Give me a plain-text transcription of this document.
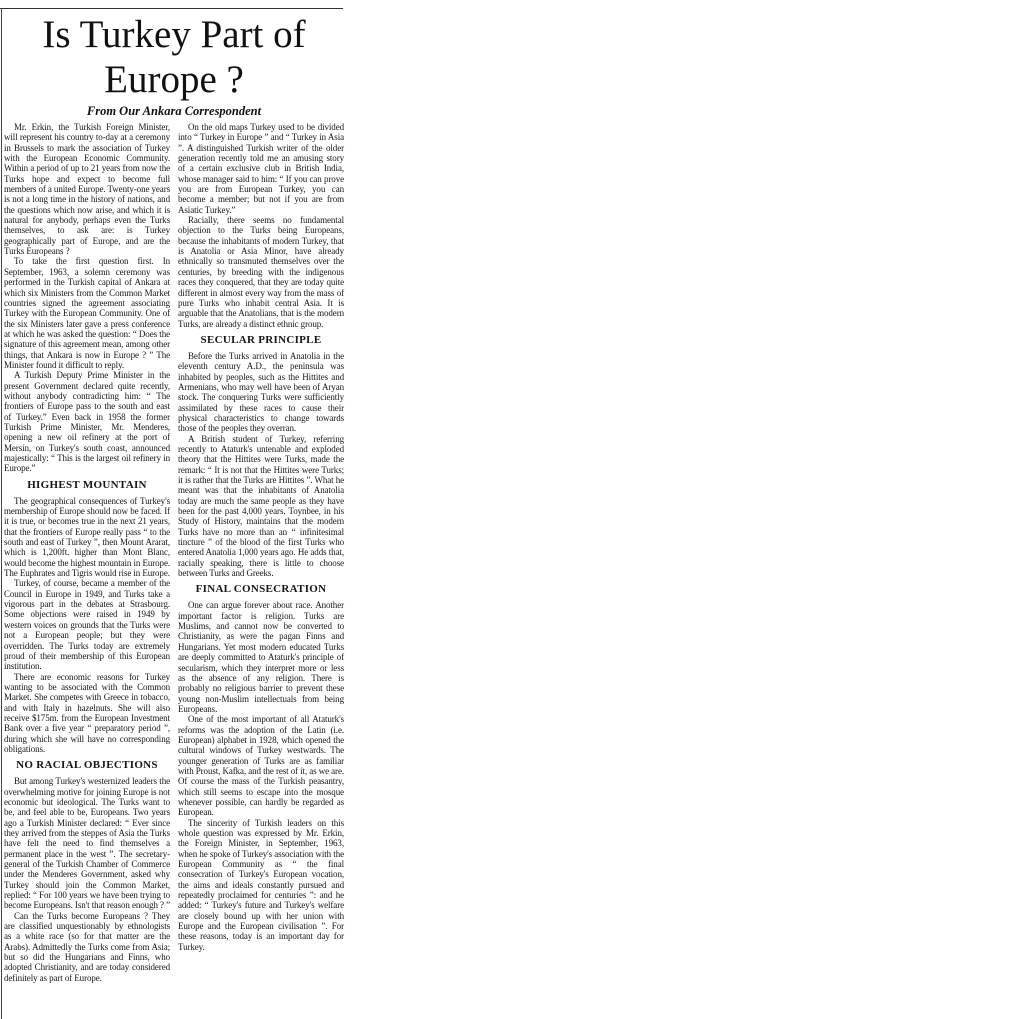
Is Turkey Part of Europe ?
From Our Ankara Correspondent

Mr. Erkin, the Turkish Foreign Minister, will represent his country to-day at a ceremony in Brussels to mark the association of Turkey with the European Economic Community. Within a period of up to 21 years from now the Turks hope and expect to become full members of a united Europe. Twenty-one years is not a long time in the history of nations, and the questions which now arise, and which it is natural for anybody, perhaps even the Turks themselves, to ask are: is Turkey geographically part of Europe, and are the Turks Europeans ?

To take the first question first. In September, 1963, a solemn ceremony was performed in the Turkish capital of Ankara at which six Ministers from the Common Market countries signed the agreement associating Turkey with the European Community. One of the six Ministers later gave a press conference at which he was asked the question: “ Does the signature of this agreement mean, among other things, that Ankara is now in Europe ? ” The Minister found it difficult to reply.

A Turkish Deputy Prime Minister in the present Government declared quite recently, without anybody contradicting him: “ The frontiers of Europe pass to the south and east of Turkey.” Even back in 1958 the former Turkish Prime Minister, Mr. Menderes, opening a new oil refinery at the port of Mersin, on Turkey's south coast, announced majestically: “ This is the largest oil refinery in Europe.”

HIGHEST MOUNTAIN

The geographical consequences of Turkey's membership of Europe should now be faced. If it is true, or becomes true in the next 21 years, that the frontiers of Europe really pass “ to the south and east of Turkey ”, then Mount Ararat, which is 1,200ft. higher than Mont Blanc, would become the highest mountain in Europe. The Euphrates and Tigris would rise in Europe.

Turkey, of course, became a member of the Council in Europe in 1949, and Turks take a vigorous part in the debates at Strasbourg. Some objections were raised in 1949 by western voices on grounds that the Turks were not a European people; but they were overridden. The Turks today are extremely proud of their membership of this European institution.

There are economic reasons for Turkey wanting to be associated with the Common Market. She competes with Greece in tobacco, and with Italy in hazelnuts. She will also receive $175m. from the European Investment Bank over a five year “ preparatory period ”, during which she will have no corresponding obligations.

NO RACIAL OBJECTIONS

But among Turkey's westernized leaders the overwhelming motive for joining Europe is not economic but ideological. The Turks want to be, and feel able to be, Europeans. Two years ago a Turkish Minister declared: “ Ever since they arrived from the steppes of Asia the Turks have felt the need to find themselves a permanent place in the west ”. The secretary-general of the Turkish Chamber of Commerce under the Menderes Government, asked why Turkey should join the Common Market, replied: “ For 100 years we have been trying to become Europeans. Isn't that reason enough ? ”

Can the Turks become Europeans ? They are classified unquestionably by ethnologists as a white race (so for that matter are the Arabs). Admittedly the Turks come from Asia; but so did the Hungarians and Finns, who adopted Christianity, and are today considered definitely as part of Europe.

On the old maps Turkey used to be divided into “ Turkey in Europe ” and “ Turkey in Asia ”. A distinguished Turkish writer of the older generation recently told me an amusing story of a certain exclusive club in British India, whose manager said to him: “ If you can prove you are from European Turkey, you can become a member; but not if you are from Asiatic Turkey.”

Racially, there seems no fundamental objection to the Turks being Europeans, because the inhabitants of modern Turkey, that is Anatolia or Asia Minor, have already ethnically so transmuted themselves over the centuries, by breeding with the indigenous races they conquered, that they are today quite different in almost every way from the mass of pure Turks who inhabit central Asia. It is arguable that the Anatolians, that is the modern Turks, are already a distinct ethnic group.

SECULAR PRINCIPLE

Before the Turks arrived in Anatolia in the eleventh century A.D., the peninsula was inhabited by peoples, such as the Hittites and Armenians, who may well have been of Aryan stock. The conquering Turks were sufficiently assimilated by these races to cause their physical characteristics to change towards those of the peoples they overran.

A British student of Turkey, referring recently to Ataturk's untenable and exploded theory that the Hittites were Turks, made the remark: “ It is not that the Hittites were Turks; it is rather that the Turks are Hittites ”. What he meant was that the inhabitants of Anatolia today are much the same people as they have been for the past 4,000 years. Toynbee, in his Study of History, maintains that the modern Turks have no more than an “ infinitesimal tincture ” of the blood of the first Turks who entered Anatolia 1,000 years ago. He adds that, racially speaking, there is little to choose between Turks and Greeks.

FINAL CONSECRATION

One can argue forever about race. Another important factor is religion. Turks are Muslims, and cannot now be converted to Christianity, as were the pagan Finns and Hungarians. Yet most modern educated Turks are deeply committed to Ataturk's principle of secularism, which they interpret more or less as the absence of any religion. There is probably no religious barrier to prevent these young non-Muslim intellectuals from being Europeans.

One of the most important of all Ataturk's reforms was the adoption of the Latin (i.e. European) alphabet in 1928, which opened the cultural windows of Turkey westwards. The younger generation of Turks are as familiar with Proust, Kafka, and the rest of it, as we are. Of course the mass of the Turkish peasantry, which still seems to escape into the mosque whenever possible, can hardly be regarded as European.

The sincerity of Turkish leaders on this whole question was expressed by Mr. Erkin, the Foreign Minister, in September, 1963, when he spoke of Turkey's association with the European Community as “ the final consecration of Turkey's European vocation, the aims and ideals constantly pursued and repeatedly proclaimed for centuries ”: and he added: “ Turkey's future and Turkey's welfare are closely bound up with her union with Europe and the European civilisation ”. For these reasons, today is an important day for Turkey.
